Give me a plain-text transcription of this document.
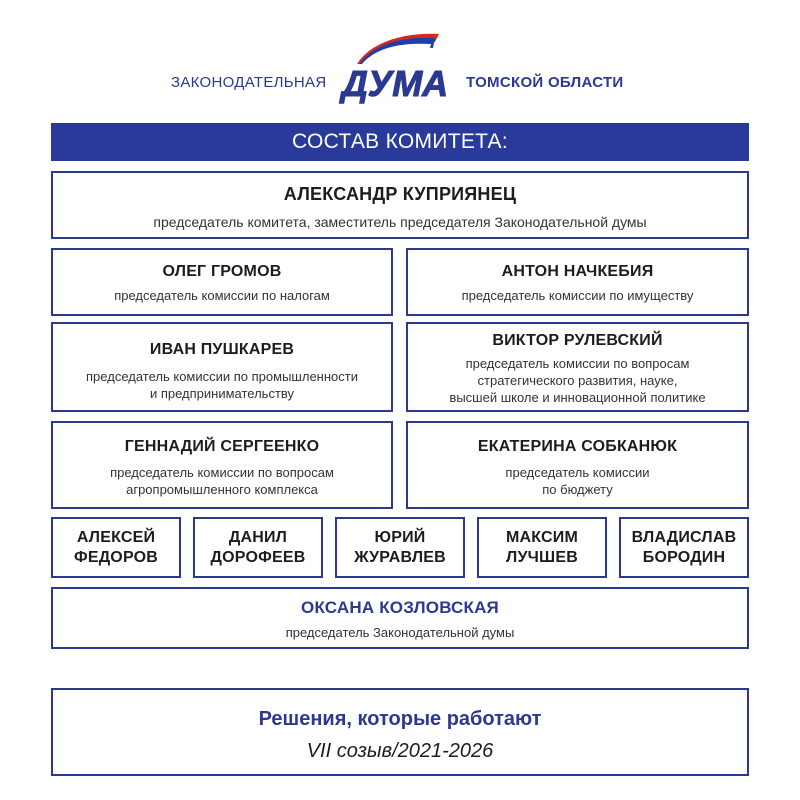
ЗАКОНОДАТЕЛЬНАЯ ДУМА ТОМСКОЙ ОБЛАСТИ
СОСТАВ КОМИТЕТА:
АЛЕКСАНДР КУПРИЯНЕЦ
председатель комитета, заместитель председателя Законодательной думы
ОЛЕГ ГРОМОВ
председатель комиссии по налогам
АНТОН НАЧКЕБИЯ
председатель комиссии по имуществу
ИВАН ПУШКАРЕВ
председатель комиссии по промышленности
и предпринимательству
ВИКТОР РУЛЕВСКИЙ
председатель комиссии по вопросам
стратегического развития, науке,
высшей школе и инновационной политике
ГЕННАДИЙ СЕРГЕЕНКО
председатель комиссии по вопросам
агропромышленного комплекса
ЕКАТЕРИНА СОБКАНЮК
председатель комиссии
по бюджету
АЛЕКСЕЙ
ФЕДОРОВ
ДАНИЛ
ДОРОФЕЕВ
ЮРИЙ
ЖУРАВЛЕВ
МАКСИМ
ЛУЧШЕВ
ВЛАДИСЛАВ
БОРОДИН
ОКСАНА КОЗЛОВСКАЯ
председатель Законодательной думы
Решения, которые работают
VII созыв/2021-2026
